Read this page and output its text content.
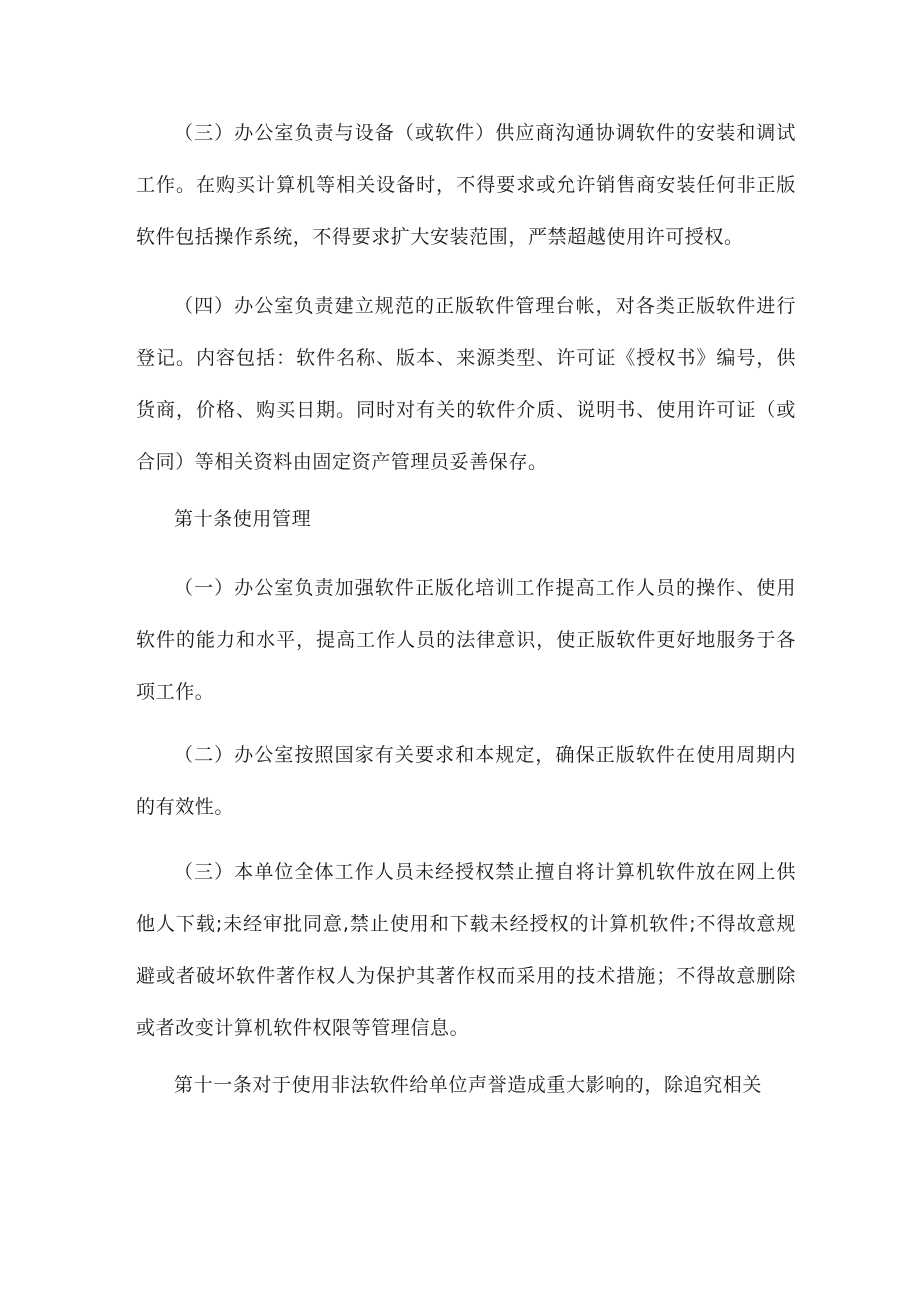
（三）办公室负责与设备（或软件）供应商沟通协调软件的安装和调试工作。在购买计算机等相关设备时，不得要求或允许销售商安装任何非正版软件包括操作系统，不得要求扩大安装范围，严禁超越使用许可授权。

（四）办公室负责建立规范的正版软件管理台帐，对各类正版软件进行登记。内容包括：软件名称、版本、来源类型、许可证《授权书》编号，供货商，价格、购买日期。同时对有关的软件介质、说明书、使用许可证（或合同）等相关资料由固定资产管理员妥善保存。

第十条使用管理

（一）办公室负责加强软件正版化培训工作提高工作人员的操作、使用软件的能力和水平，提高工作人员的法律意识，使正版软件更好地服务于各项工作。

（二）办公室按照国家有关要求和本规定，确保正版软件在使用周期内的有效性。

（三）本单位全体工作人员未经授权禁止擅自将计算机软件放在网上供他人下载;未经审批同意,禁止使用和下载未经授权的计算机软件;不得故意规避或者破坏软件著作权人为保护其著作权而采用的技术措施；不得故意删除或者改变计算机软件权限等管理信息。

第十一条对于使用非法软件给单位声誉造成重大影响的，除追究相关
